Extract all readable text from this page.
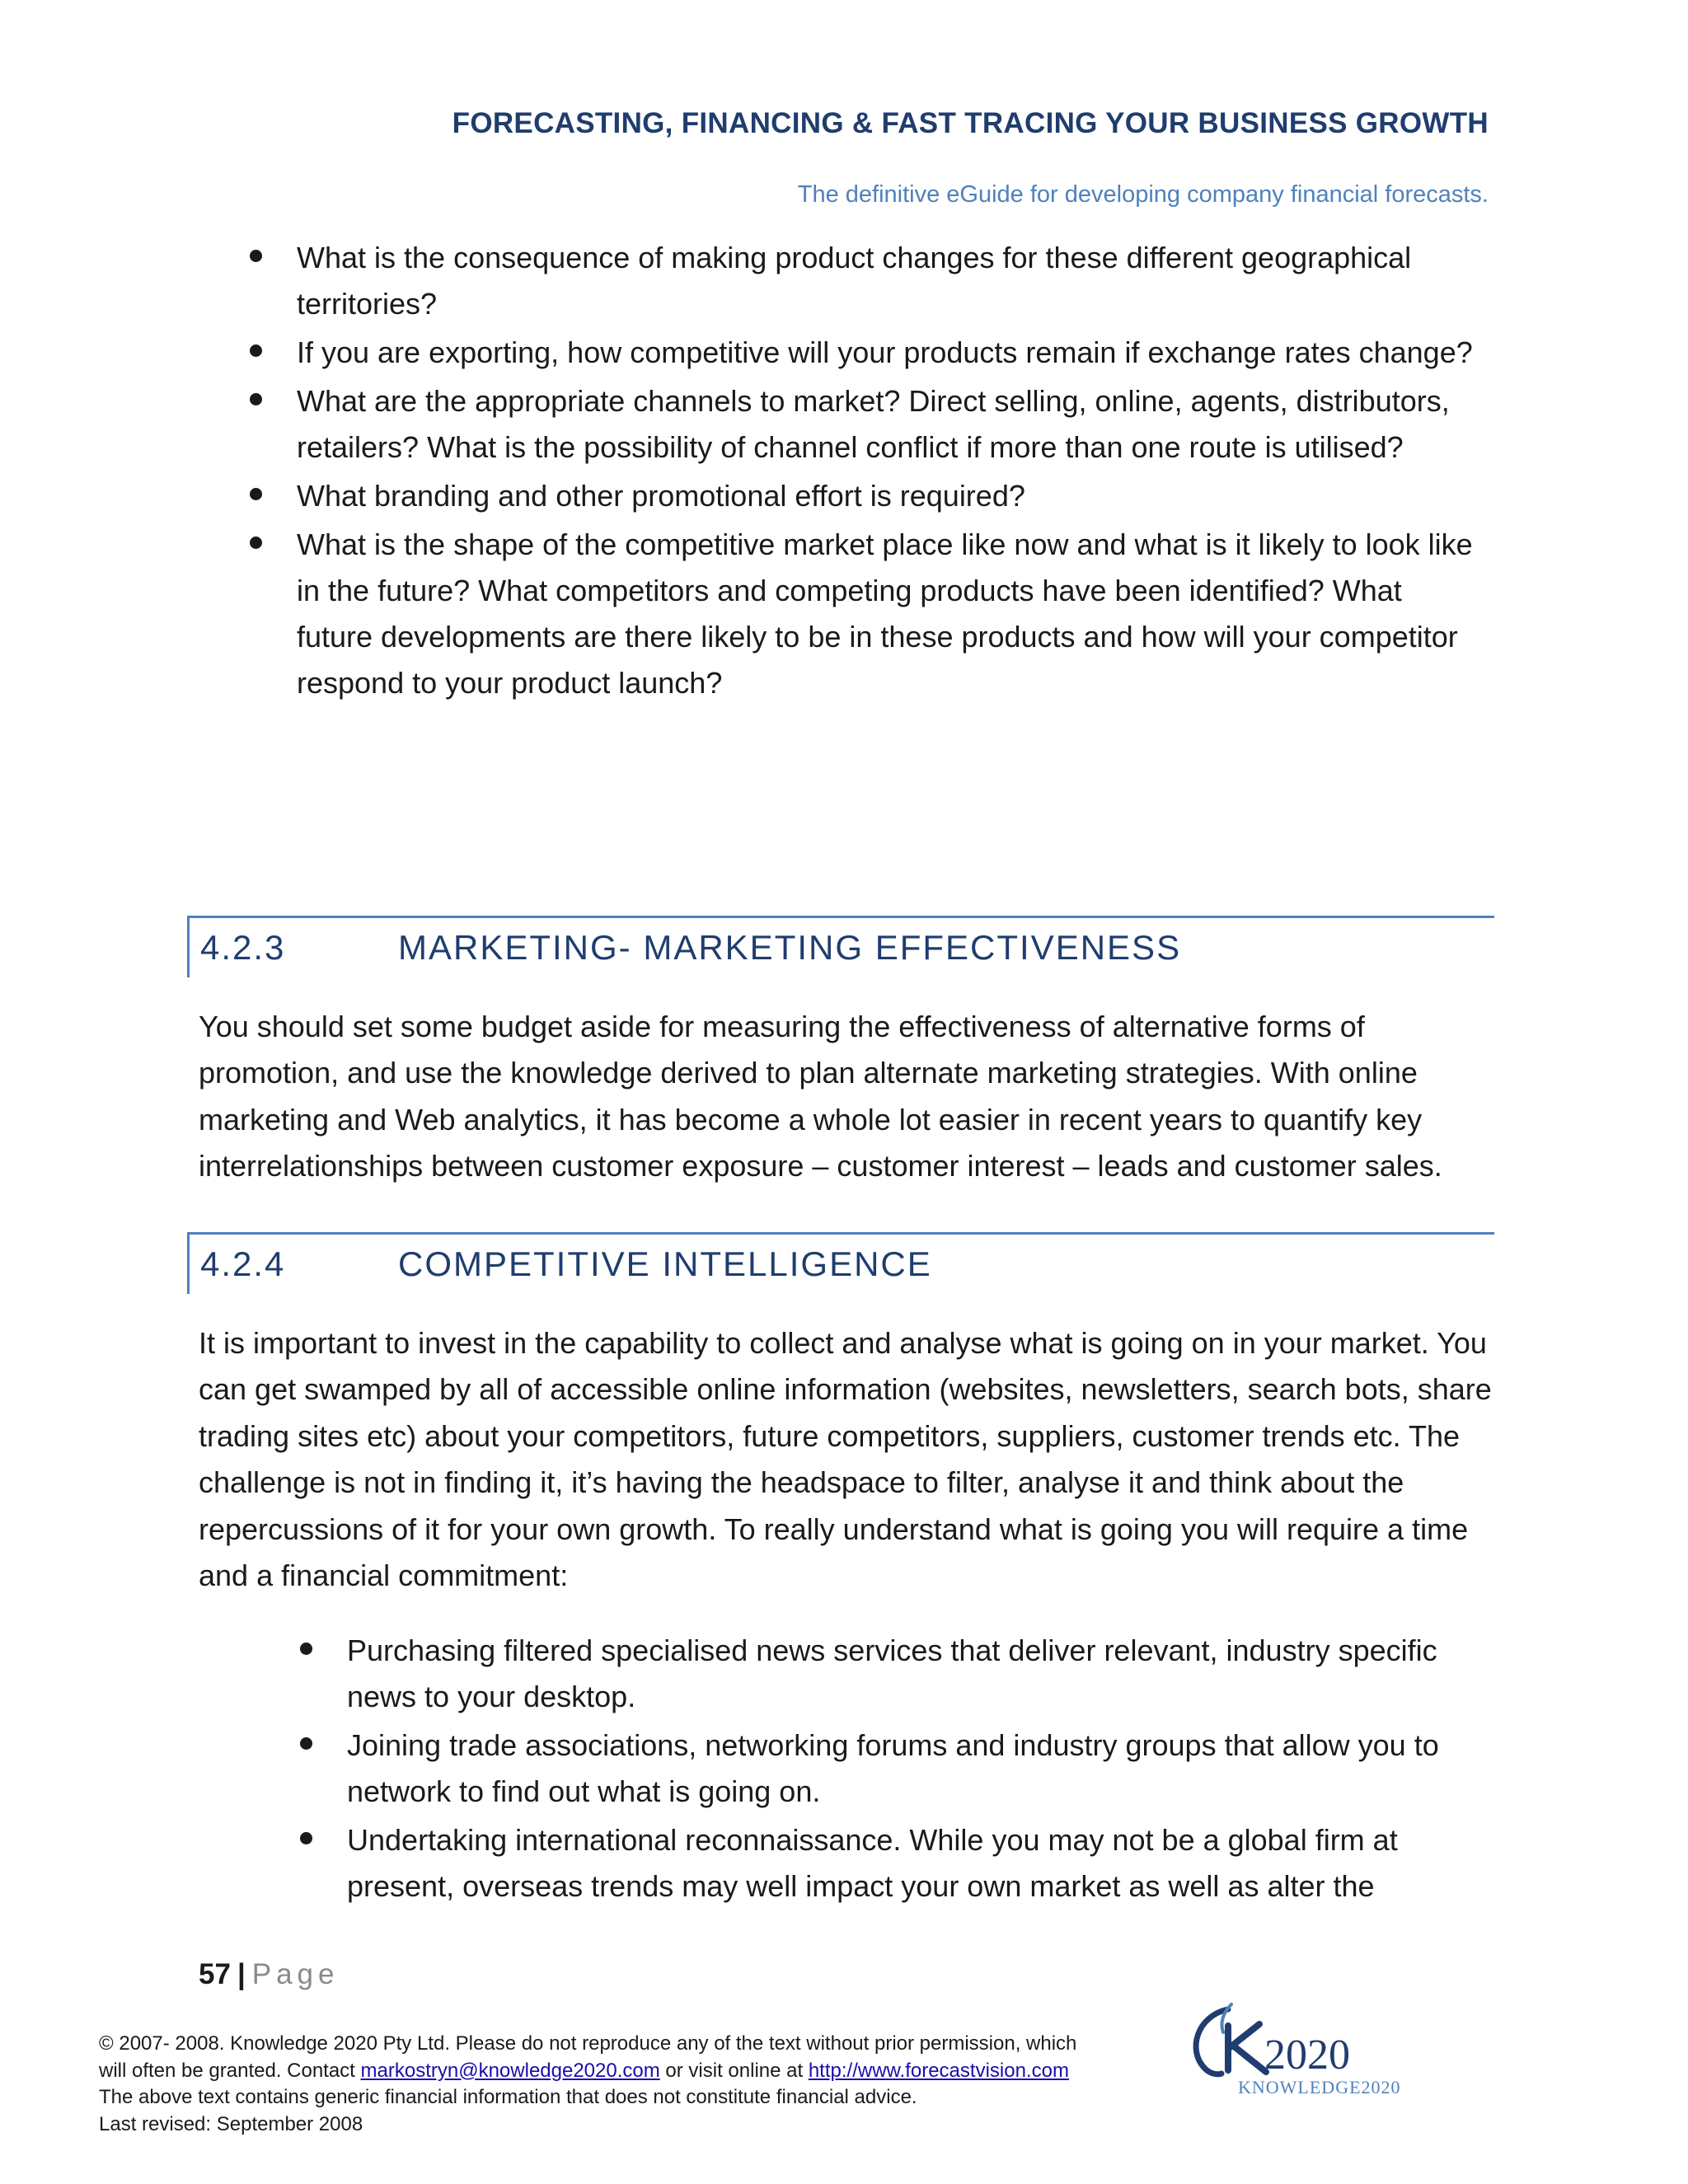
FORECASTING, FINANCING & FAST TRACING YOUR BUSINESS GROWTH
The definitive eGuide for developing company financial forecasts.
What is the consequence of making product changes for these different geographical territories?
If you are exporting, how competitive will your products remain if exchange rates change?
What are the appropriate channels to market? Direct selling, online, agents, distributors, retailers? What is the possibility of channel conflict if more than one route is utilised?
What branding and other promotional effort is required?
What is the shape of the competitive market place like now and what is it likely to look like in the future? What competitors and competing products have been identified? What future developments are there likely to be in these products and how will your competitor respond to your product launch?
4.2.3	MARKETING- MARKETING EFFECTIVENESS

You should set some budget aside for measuring the effectiveness of alternative forms of promotion, and use the knowledge derived to plan alternate marketing strategies. With online marketing and Web analytics, it has become a whole lot easier in recent years to quantify key interrelationships between customer exposure – customer interest – leads and customer sales.

4.2.4	COMPETITIVE INTELLIGENCE

It is important to invest in the capability to collect and analyse what is going on in your market. You can get swamped by all of accessible online information (websites, newsletters, search bots, share trading sites etc) about your competitors, future competitors, suppliers, customer trends etc. The challenge is not in finding it, it’s having the headspace to filter, analyse it and think about the repercussions of it for your own growth. To really understand what is going you will require a time and a financial commitment:

Purchasing filtered specialised news services that deliver relevant, industry specific news to your desktop.
Joining trade associations, networking forums and industry groups that allow you to network to find out what is going on.
Undertaking international reconnaissance. While you may not be a global firm at present, overseas trends may well impact your own market as well as alter the
57 | Page
© 2007- 2008. Knowledge 2020 Pty Ltd. Please do not reproduce any of the text without prior permission, which
will often be granted. Contact markostryn@knowledge2020.com or visit online at http://www.forecastvision.com
The above text contains generic financial information that does not constitute financial advice.
Last revised: September 2008
2020
KNOWLEDGE2020
